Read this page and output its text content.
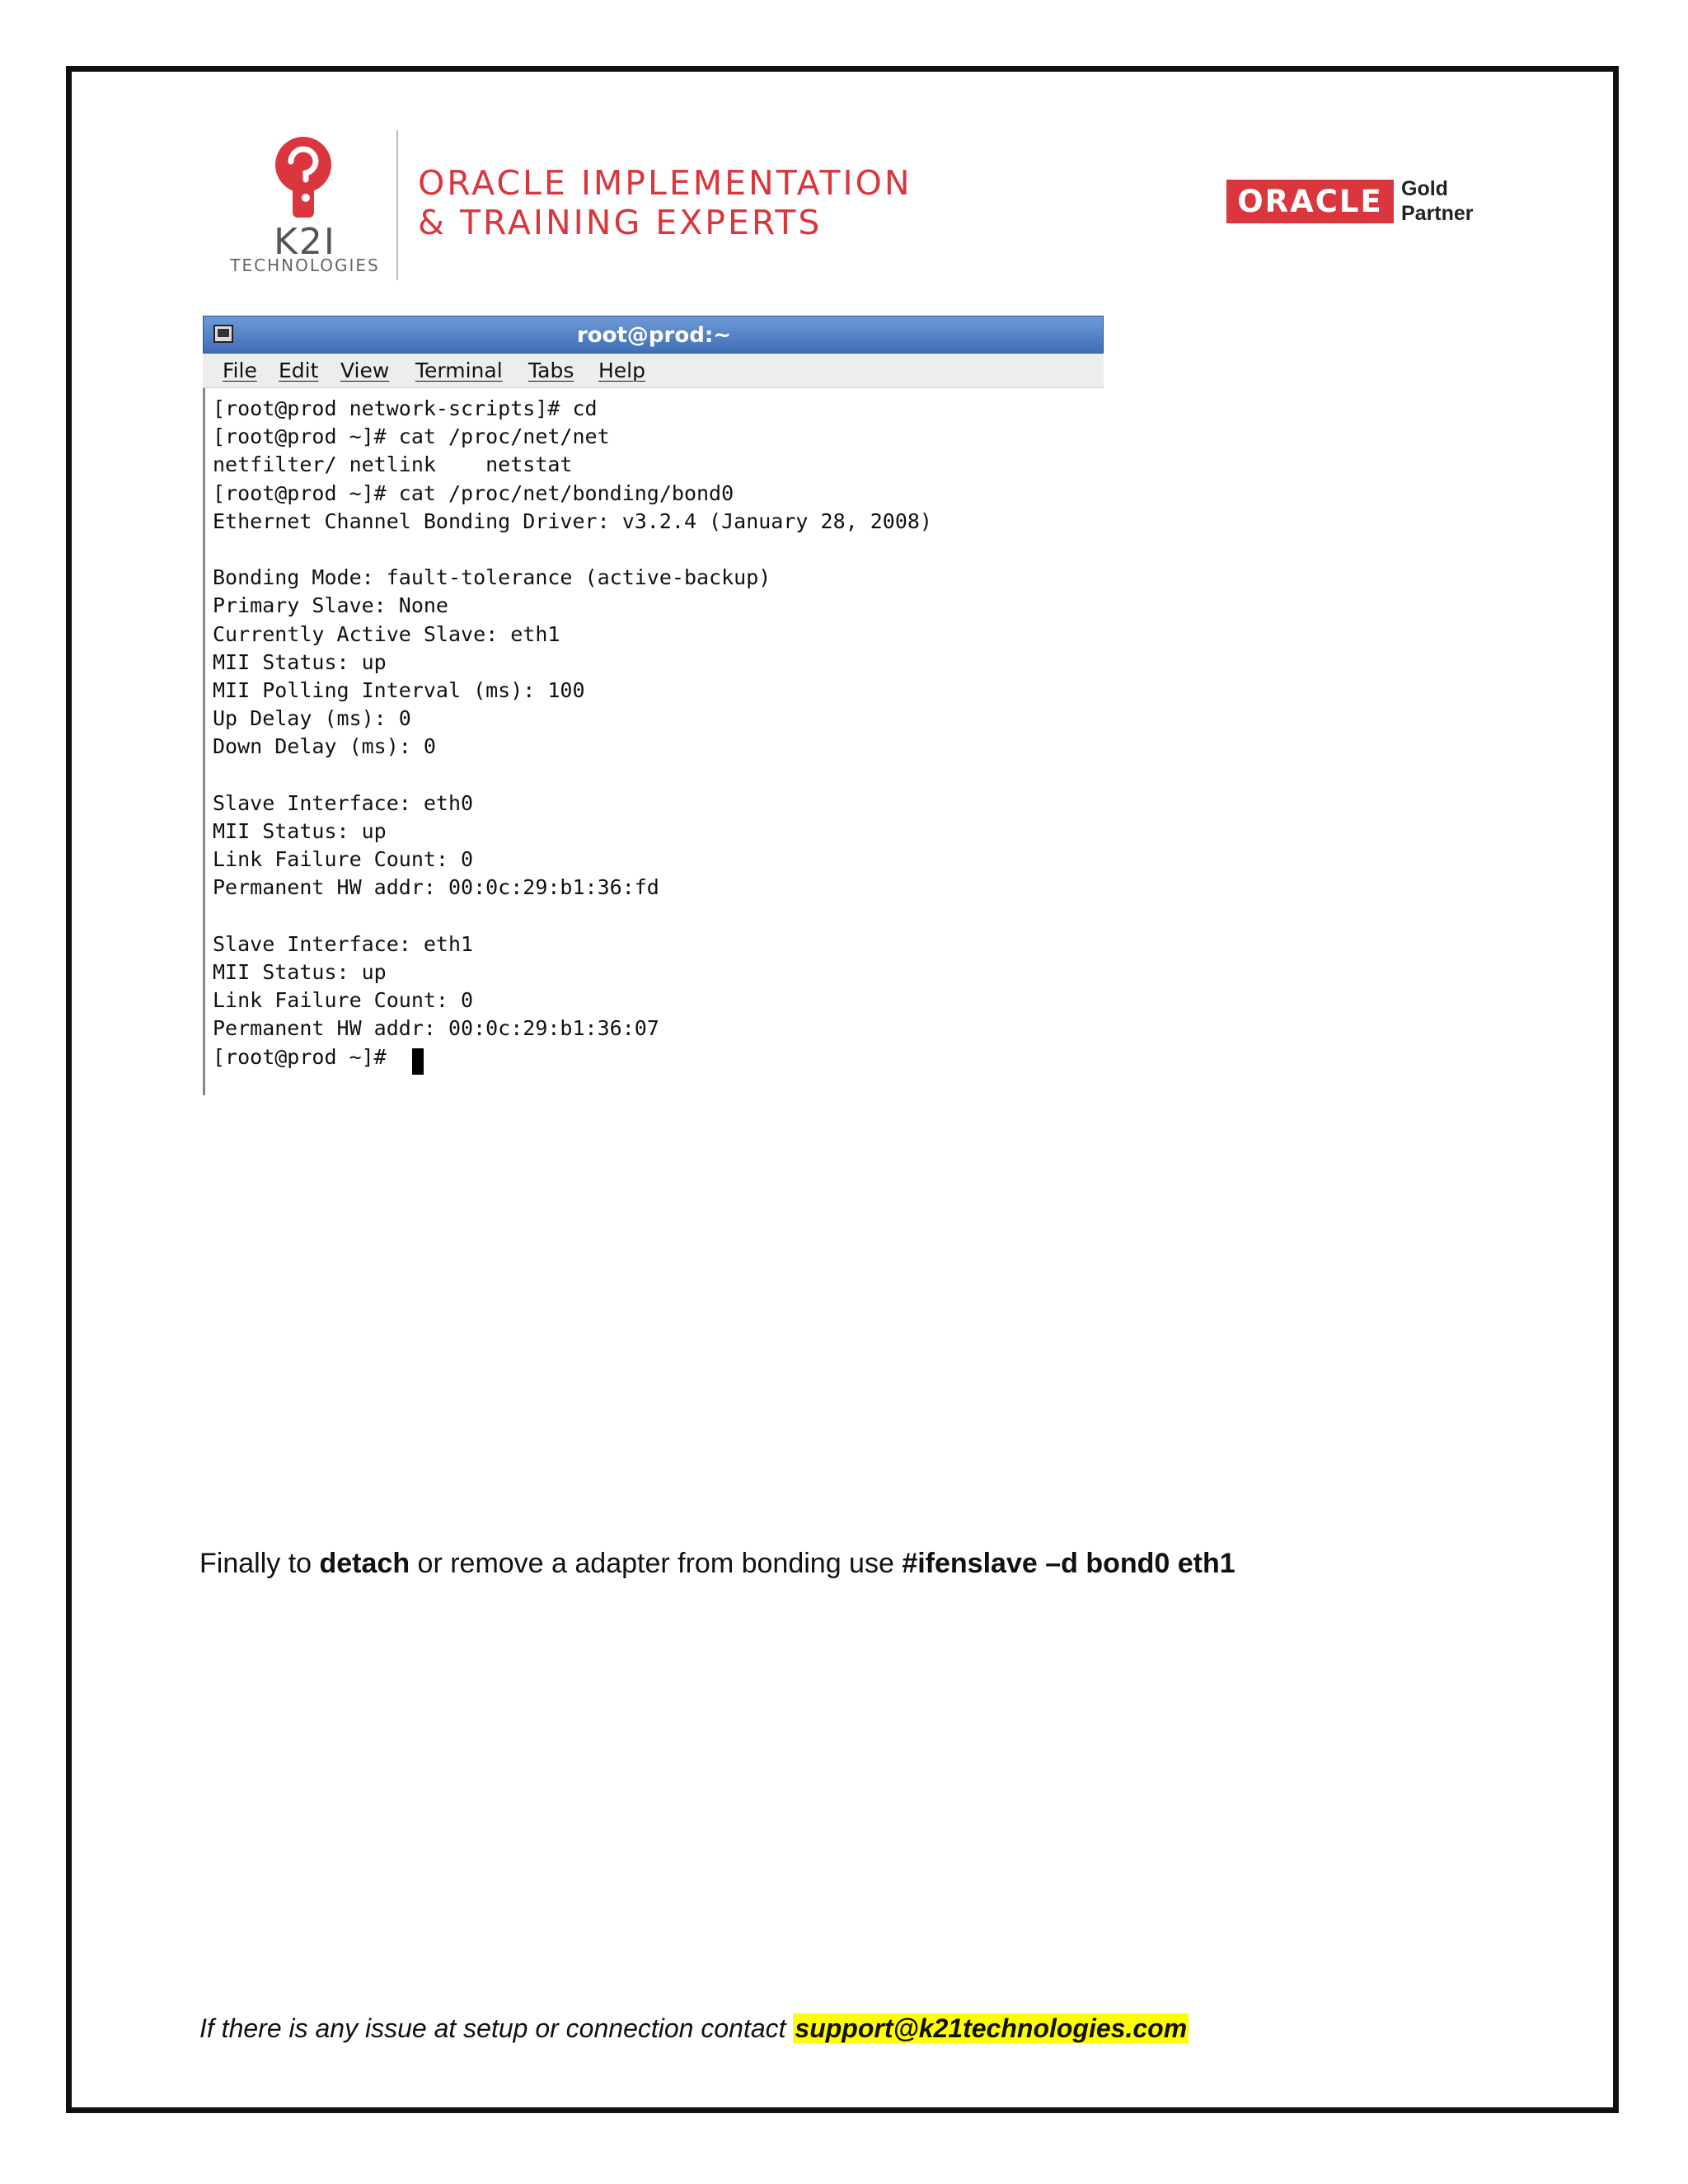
K2I
TECHNOLOGIES
ORACLE IMPLEMENTATION
& TRAINING EXPERTS
ORACLE Gold
Partner
root@prod:~
File Edit View Terminal Tabs Help
[root@prod network-scripts]# cd
[root@prod ~]# cat /proc/net/net
netfilter/ netlink    netstat
[root@prod ~]# cat /proc/net/bonding/bond0
Ethernet Channel Bonding Driver: v3.2.4 (January 28, 2008)

Bonding Mode: fault-tolerance (active-backup)
Primary Slave: None
Currently Active Slave: eth1
MII Status: up
MII Polling Interval (ms): 100
Up Delay (ms): 0
Down Delay (ms): 0

Slave Interface: eth0
MII Status: up
Link Failure Count: 0
Permanent HW addr: 00:0c:29:b1:36:fd

Slave Interface: eth1
MII Status: up
Link Failure Count: 0
Permanent HW addr: 00:0c:29:b1:36:07
[root@prod ~]#
Finally to detach or remove a adapter from bonding use #ifenslave –d bond0 eth1
If there is any issue at setup or connection contact support@k21technologies.com
